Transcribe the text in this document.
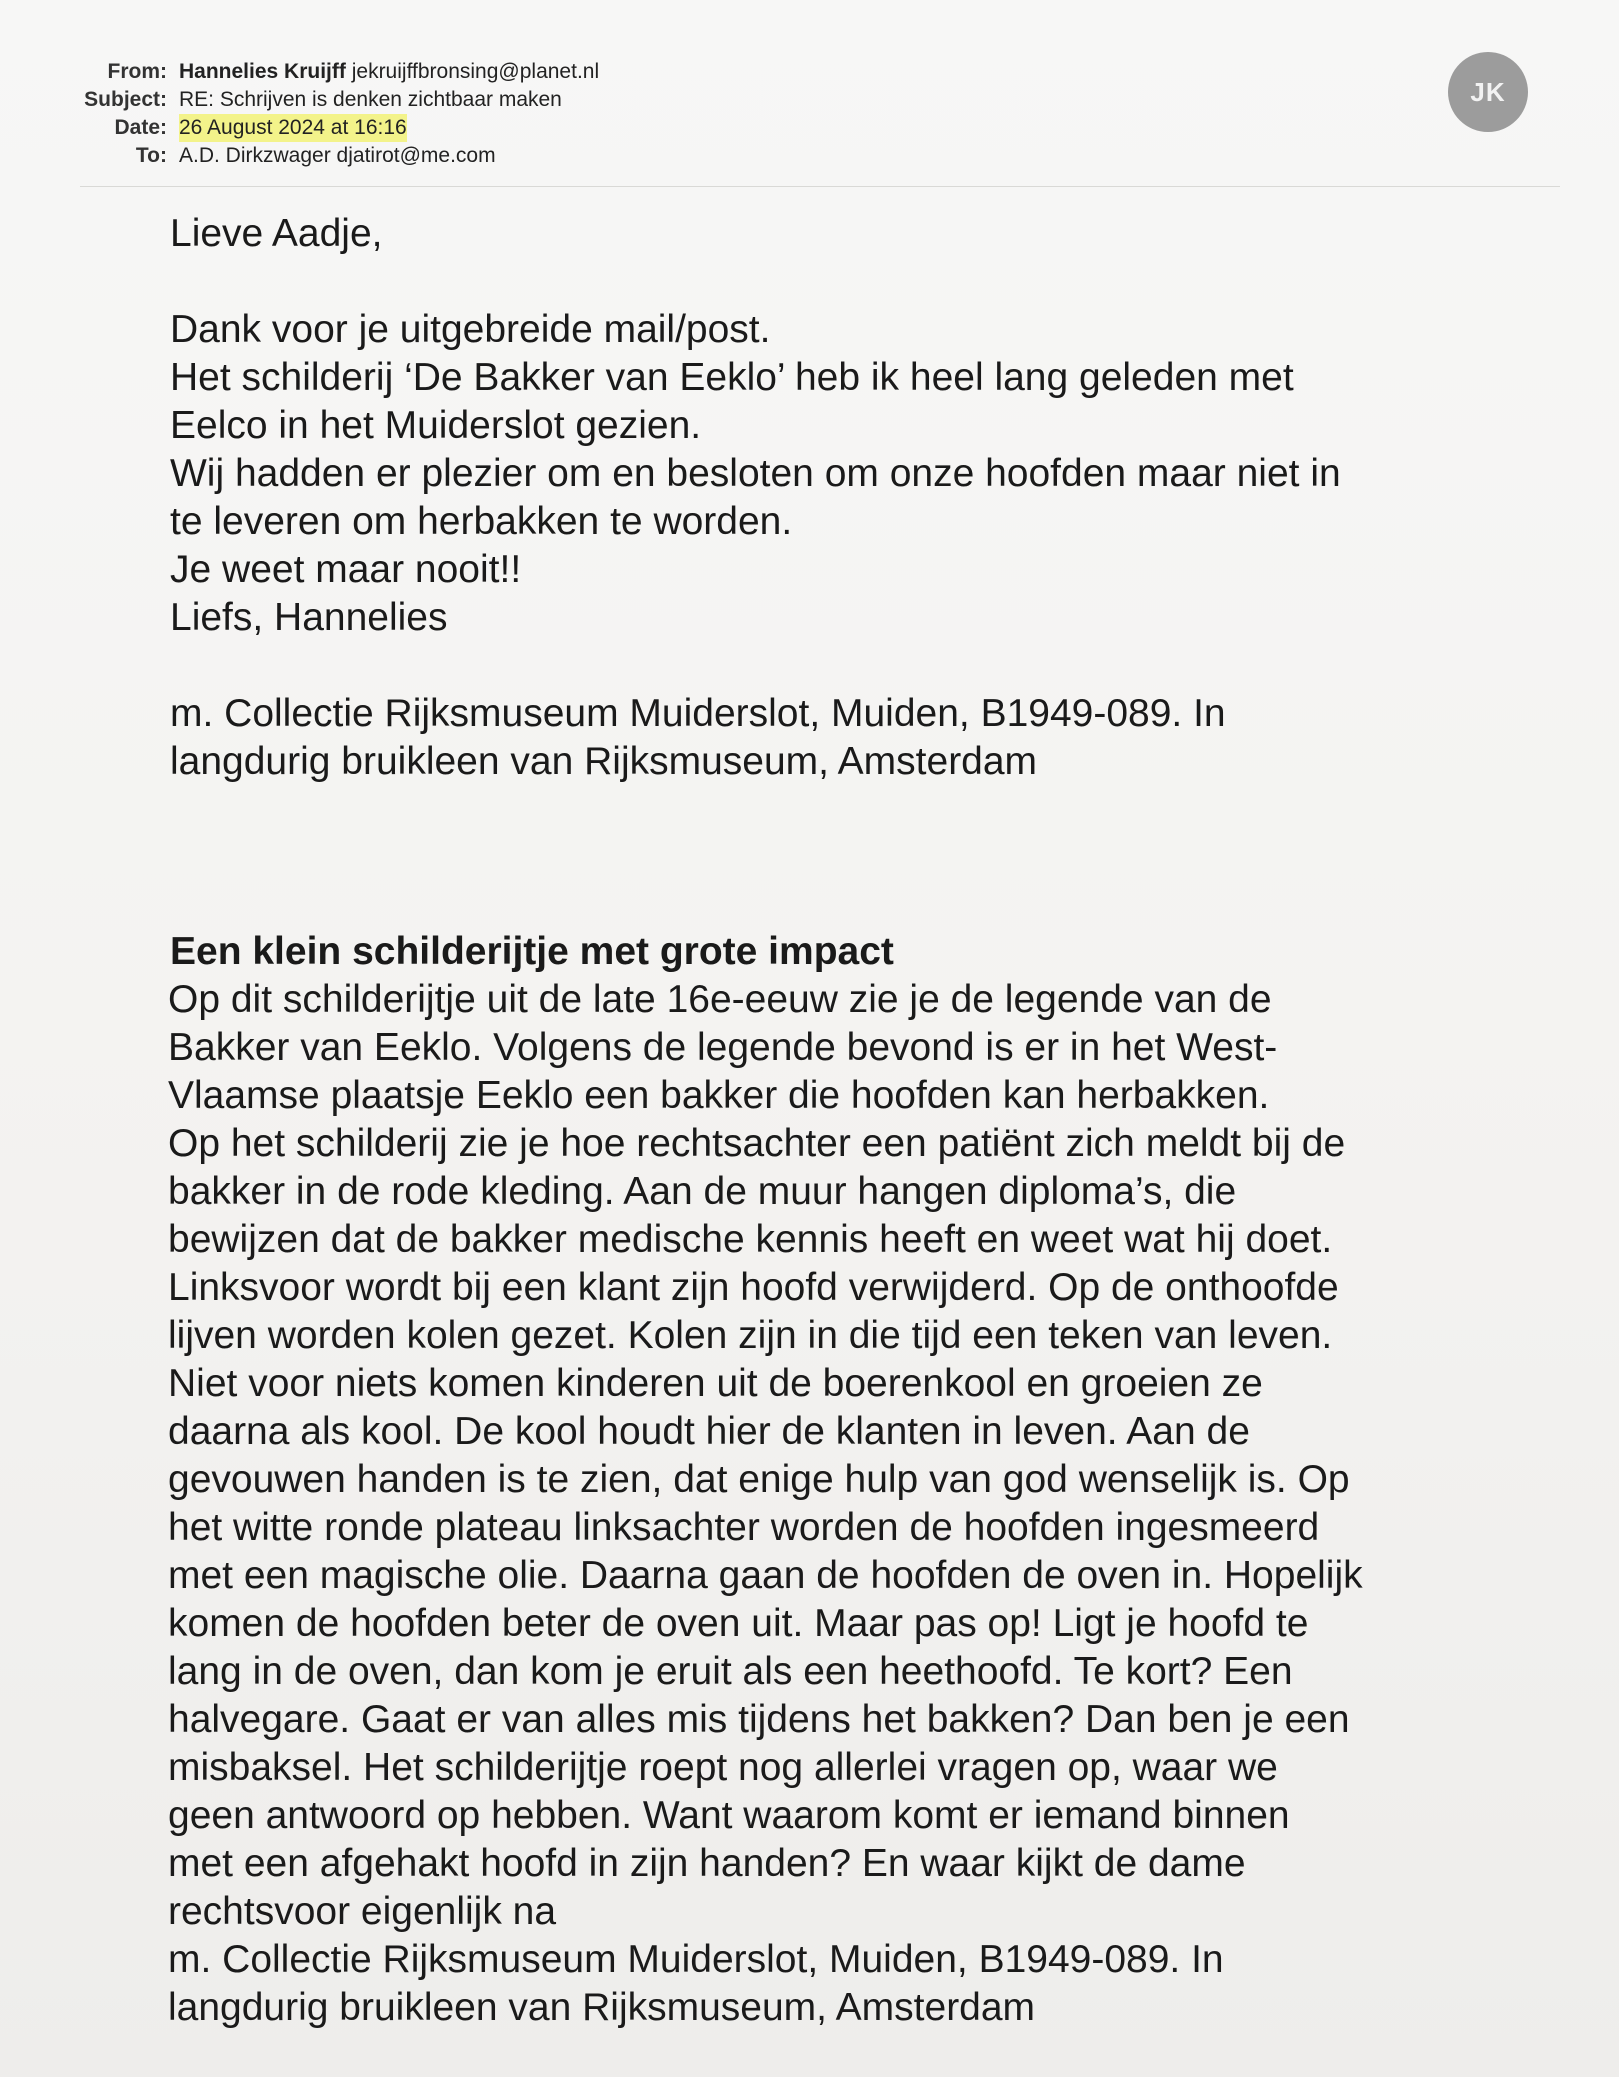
From: Hannelies Kruijff jekruijffbronsing@planet.nl
Subject: RE: Schrijven is denken zichtbaar maken
Date: 26 August 2024 at 16:16
To: A.D. Dirkzwager djatirot@me.com
JK
Lieve Aadje,
Dank voor je uitgebreide mail/post.
Het schilderij ‘De Bakker van Eeklo’ heb ik heel lang geleden met
Eelco in het Muiderslot gezien.
Wij hadden er plezier om en besloten om onze hoofden maar niet in
te leveren om herbakken te worden.
Je weet maar nooit!!
Liefs, Hannelies
m. Collectie Rijksmuseum Muiderslot, Muiden, B1949-089. In
langdurig bruikleen van Rijksmuseum, Amsterdam
Een klein schilderijtje met grote impact
Op dit schilderijtje uit de late 16e-eeuw zie je de legende van de
Bakker van Eeklo. Volgens de legende bevond is er in het West-
Vlaamse plaatsje Eeklo een bakker die hoofden kan herbakken.
Op het schilderij zie je hoe rechtsachter een patiënt zich meldt bij de
bakker in de rode kleding. Aan de muur hangen diploma’s, die
bewijzen dat de bakker medische kennis heeft en weet wat hij doet.
Linksvoor wordt bij een klant zijn hoofd verwijderd. Op de onthoofde
lijven worden kolen gezet. Kolen zijn in die tijd een teken van leven.
Niet voor niets komen kinderen uit de boerenkool en groeien ze
daarna als kool. De kool houdt hier de klanten in leven. Aan de
gevouwen handen is te zien, dat enige hulp van god wenselijk is. Op
het witte ronde plateau linksachter worden de hoofden ingesmeerd
met een magische olie. Daarna gaan de hoofden de oven in. Hopelijk
komen de hoofden beter de oven uit. Maar pas op! Ligt je hoofd te
lang in de oven, dan kom je eruit als een heethoofd. Te kort? Een
halvegare. Gaat er van alles mis tijdens het bakken? Dan ben je een
misbaksel. Het schilderijtje roept nog allerlei vragen op, waar we
geen antwoord op hebben. Want waarom komt er iemand binnen
met een afgehakt hoofd in zijn handen? En waar kijkt de dame
rechtsvoor eigenlijk na
m. Collectie Rijksmuseum Muiderslot, Muiden, B1949-089. In
langdurig bruikleen van Rijksmuseum, Amsterdam
